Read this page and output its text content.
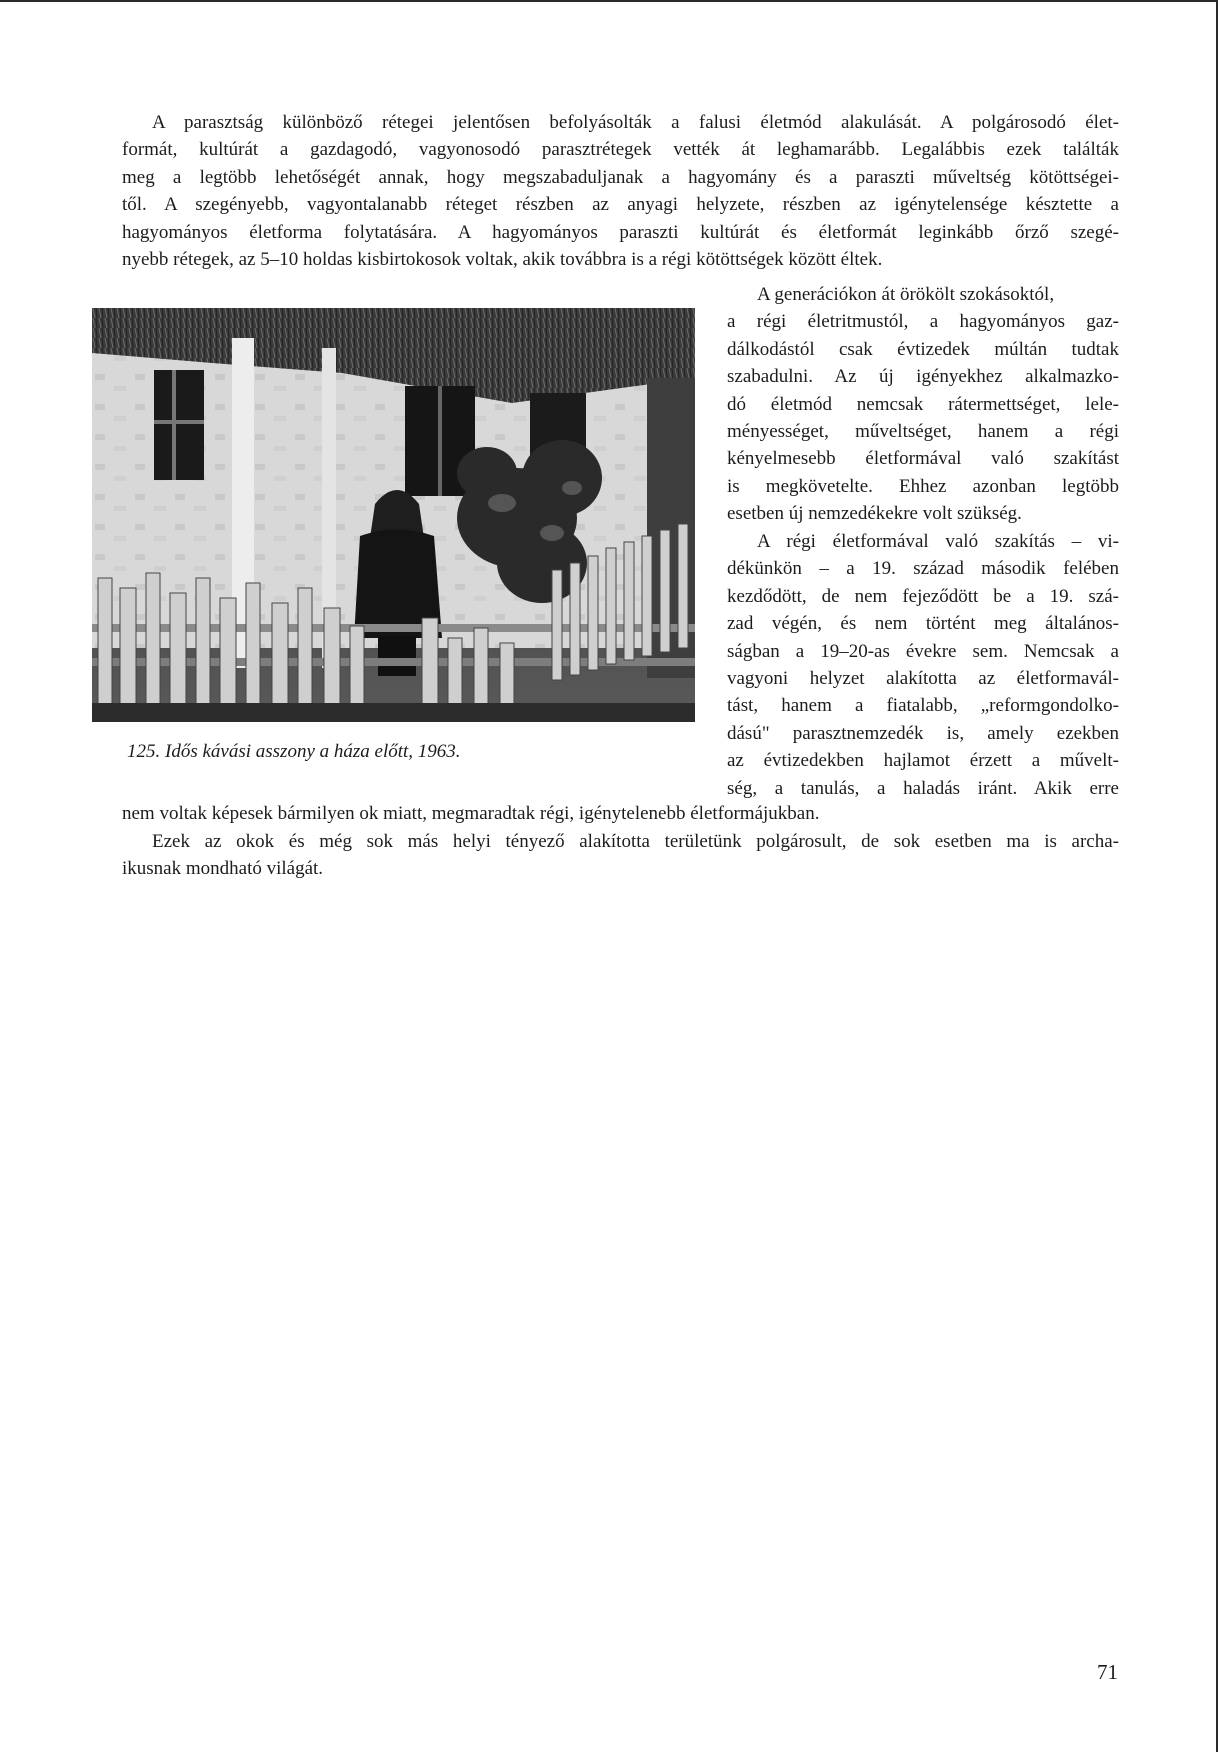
A parasztság különböző rétegei jelentősen befolyásolták a falusi életmód alakulását. A polgárosodó élet-
formát, kultúrát a gazdagodó, vagyonosodó parasztrétegek vették át leghamarább. Legalábbis ezek találták
meg a legtöbb lehetőségét annak, hogy megszabaduljanak a hagyomány és a paraszti műveltség kötöttségei-
től. A szegényebb, vagyontalanabb réteget részben az anyagi helyzete, részben az igénytelensége késztette a
hagyományos életforma folytatására. A hagyományos paraszti kultúrát és életformát leginkább őrző szegé-
nyebb rétegek, az 5–10 holdas kisbirtokosok voltak, akik továbbra is a régi kötöttségek között éltek.

125. Idős kávási asszony a háza előtt, 1963.

A generációkon át örökölt szokásoktól,
a régi életritmustól, a hagyományos gaz-
dálkodástól csak évtizedek múltán tudtak
szabadulni. Az új igényekhez alkalmazko-
dó életmód nemcsak rátermettséget, lele-
ményességet, műveltséget, hanem a régi
kényelmesebb életformával való szakítást
is megkövetelte. Ehhez azonban legtöbb
esetben új nemzedékekre volt szükség.
A régi életformával való szakítás – vi-
dékünkön – a 19. század második felében
kezdődött, de nem fejeződött be a 19. szá-
zad végén, és nem történt meg általános-
ságban a 19–20-as évekre sem. Nemcsak a
vagyoni helyzet alakította az életformavál-
tást, hanem a fiatalabb, „reformgondolko-
dású" parasztnemzedék is, amely ezekben
az évtizedekben hajlamot érzett a művelt-
ség, a tanulás, a haladás iránt. Akik erre
nem voltak képesek bármilyen ok miatt, megmaradtak régi, igénytelenebb életformájukban.
Ezek az okok és még sok más helyi tényező alakította területünk polgárosult, de sok esetben ma is archa-
ikusnak mondható világát.

71
